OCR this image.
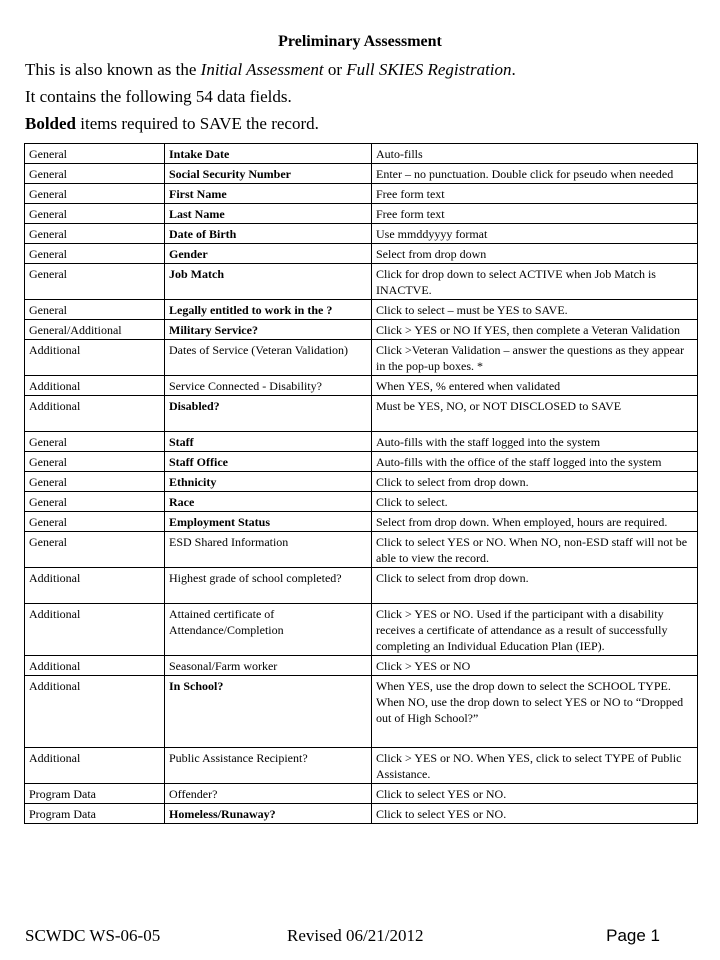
Preliminary Assessment
This is also known as the Initial Assessment or Full SKIES Registration.
It contains the following 54 data fields.
Bolded items required to SAVE the record.
General	Intake Date	Auto-fills
General	Social Security Number	Enter – no punctuation. Double click for pseudo when needed
General	First Name	Free form text
General	Last Name	Free form text
General	Date of Birth	Use mmddyyyy format
General	Gender	Select from drop down
General	Job Match	Click for drop down to select ACTIVE when Job Match is INACTVE.
General	Legally entitled to work in the ?	Click to select – must be YES to SAVE.
General/Additional	Military Service?	Click > YES or NO If YES, then complete a Veteran Validation
Additional	Dates of Service (Veteran Validation)	Click >Veteran Validation – answer the questions as they appear in the pop-up boxes. *
Additional	Service Connected - Disability?	When YES, % entered when validated
Additional	Disabled?	Must be YES, NO, or NOT DISCLOSED to SAVE
General	Staff	Auto-fills with the staff logged into the system
General	Staff Office	Auto-fills with the office of the staff logged into the system
General	Ethnicity	Click to select from drop down.
General	Race	Click to select.
General	Employment Status	Select from drop down. When employed, hours are required.
General	ESD Shared Information	Click to select YES or NO. When NO, non-ESD staff will not be able to view the record.
Additional	Highest grade of school completed?	Click to select from drop down.
Additional	Attained certificate of Attendance/Completion	Click > YES or NO. Used if the participant with a disability receives a certificate of attendance as a result of successfully completing an Individual Education Plan (IEP).
Additional	Seasonal/Farm worker	Click > YES or NO
Additional	In School?	When YES, use the drop down to select the SCHOOL TYPE. When NO, use the drop down to select YES or NO to “Dropped out of High School?”
Additional	Public Assistance Recipient?	Click > YES or NO. When YES, click to select TYPE of Public Assistance.
Program Data	Offender?	Click to select YES or NO.
Program Data	Homeless/Runaway?	Click to select YES or NO.
SCWDC WS-06-05	Revised 06/21/2012	Page 1
